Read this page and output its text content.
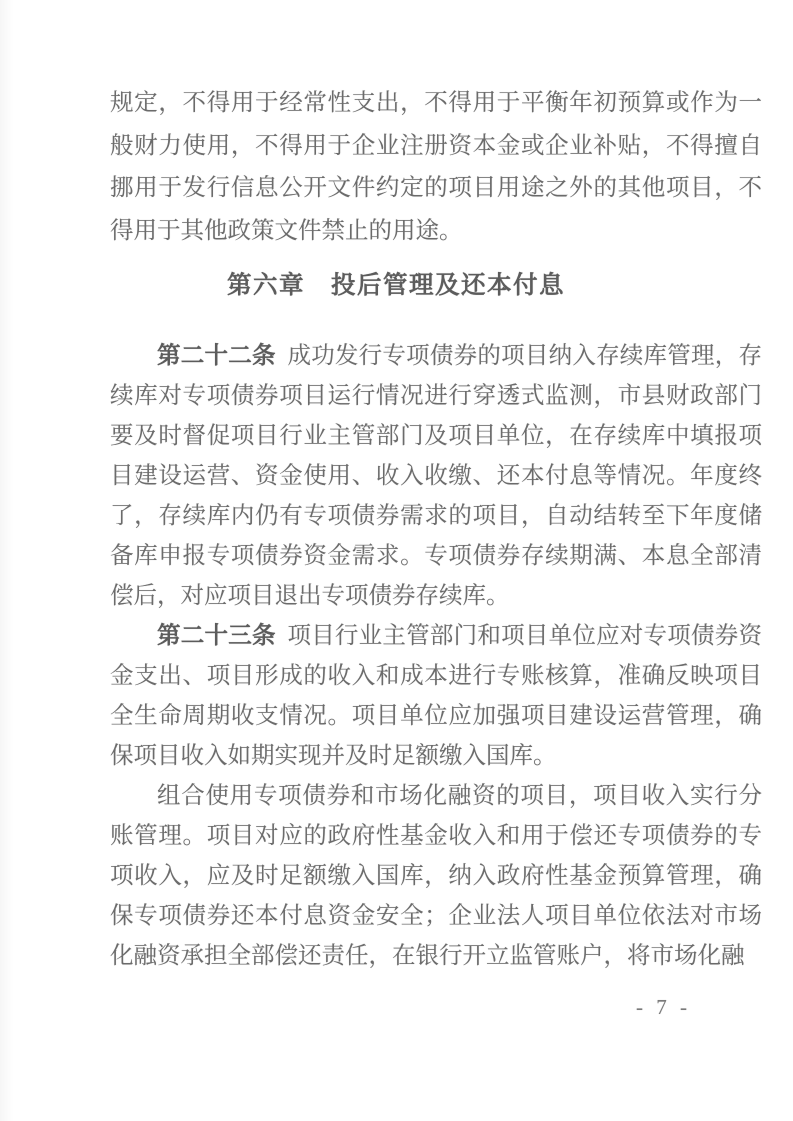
规定，不得用于经常性支出，不得用于平衡年初预算或作为一般财力使用，不得用于企业注册资本金或企业补贴，不得擅自挪用于发行信息公开文件约定的项目用途之外的其他项目，不得用于其他政策文件禁止的用途。

第六章　投后管理及还本付息

第二十二条 成功发行专项债券的项目纳入存续库管理，存续库对专项债券项目运行情况进行穿透式监测，市县财政部门要及时督促项目行业主管部门及项目单位，在存续库中填报项目建设运营、资金使用、收入收缴、还本付息等情况。年度终了，存续库内仍有专项债券需求的项目，自动结转至下年度储备库申报专项债券资金需求。专项债券存续期满、本息全部清偿后，对应项目退出专项债券存续库。

第二十三条 项目行业主管部门和项目单位应对专项债券资金支出、项目形成的收入和成本进行专账核算，准确反映项目全生命周期收支情况。项目单位应加强项目建设运营管理，确保项目收入如期实现并及时足额缴入国库。

组合使用专项债券和市场化融资的项目，项目收入实行分账管理。项目对应的政府性基金收入和用于偿还专项债券的专项收入，应及时足额缴入国库，纳入政府性基金预算管理，确保专项债券还本付息资金安全；企业法人项目单位依法对市场化融资承担全部偿还责任，在银行开立监管账户，将市场化融

- 7 -
